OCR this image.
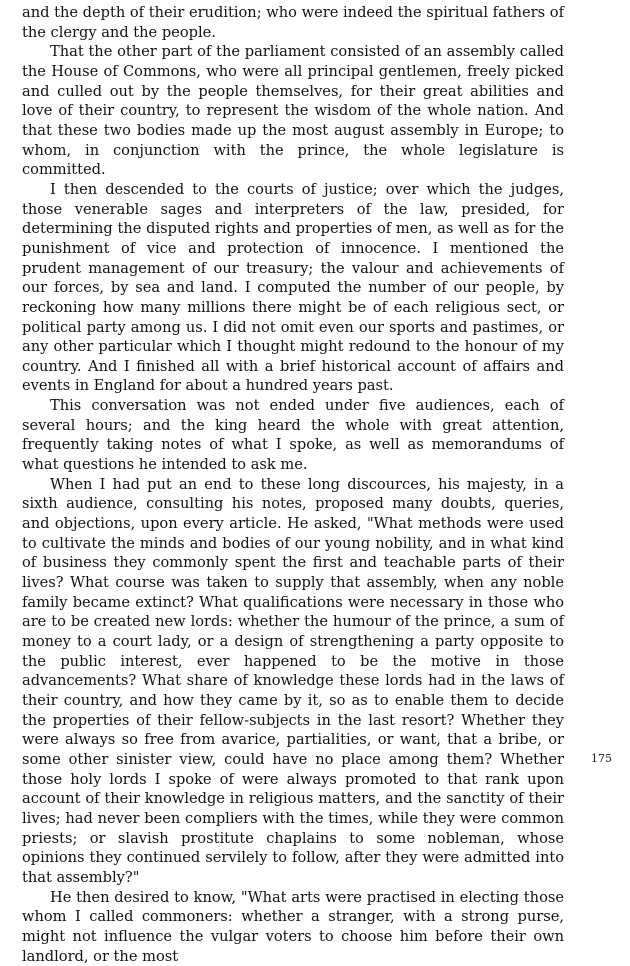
and the depth of their erudition; who were indeed the spiritual fathers of the clergy and the people.

That the other part of the parliament consisted of an assembly called the House of Commons, who were all principal gentlemen, freely picked and culled out by the people themselves, for their great abilities and love of their country, to represent the wisdom of the whole nation. And that these two bodies made up the most august assembly in Europe; to whom, in conjunction with the prince, the whole legislature is committed.

I then descended to the courts of justice; over which the judges, those venerable sages and interpreters of the law, presided, for determining the disputed rights and properties of men, as well as for the punishment of vice and protection of innocence. I mentioned the prudent management of our treasury; the valour and achievements of our forces, by sea and land. I computed the number of our people, by reckoning how many millions there might be of each religious sect, or political party among us. I did not omit even our sports and pastimes, or any other particular which I thought might redound to the honour of my country. And I finished all with a brief historical account of affairs and events in England for about a hundred years past.

This conversation was not ended under five audiences, each of several hours; and the king heard the whole with great attention, frequently taking notes of what I spoke, as well as memorandums of what questions he intended to ask me.

When I had put an end to these long discources, his majesty, in a sixth audience, consulting his notes, proposed many doubts, queries, and objections, upon every article. He asked, "What methods were used to cultivate the minds and bodies of our young nobility, and in what kind of business they commonly spent the first and teachable parts of their lives? What course was taken to supply that assembly, when any noble family became extinct? What qualifications were necessary in those who are to be created new lords: whether the humour of the prince, a sum of money to a court lady, or a design of strengthening a party opposite to the public interest, ever happened to be the motive in those advancements? What share of knowledge these lords had in the laws of their country, and how they came by it, so as to enable them to decide the properties of their fellow-subjects in the last resort? Whether they were always so free from avarice, partialities, or want, that a bribe, or some other sinister view, could have no place among them? Whether those holy lords I spoke of were always promoted to that rank upon account of their knowledge in religious matters, and the sanctity of their lives; had never been compliers with the times, while they were common priests; or slavish prostitute chaplains to some nobleman, whose opinions they continued servilely to follow, after they were admitted into that assembly?"

He then desired to know, "What arts were practised in electing those whom I called commoners: whether a stranger, with a strong purse, might not influence the vulgar voters to choose him before their own landlord, or the most

175
